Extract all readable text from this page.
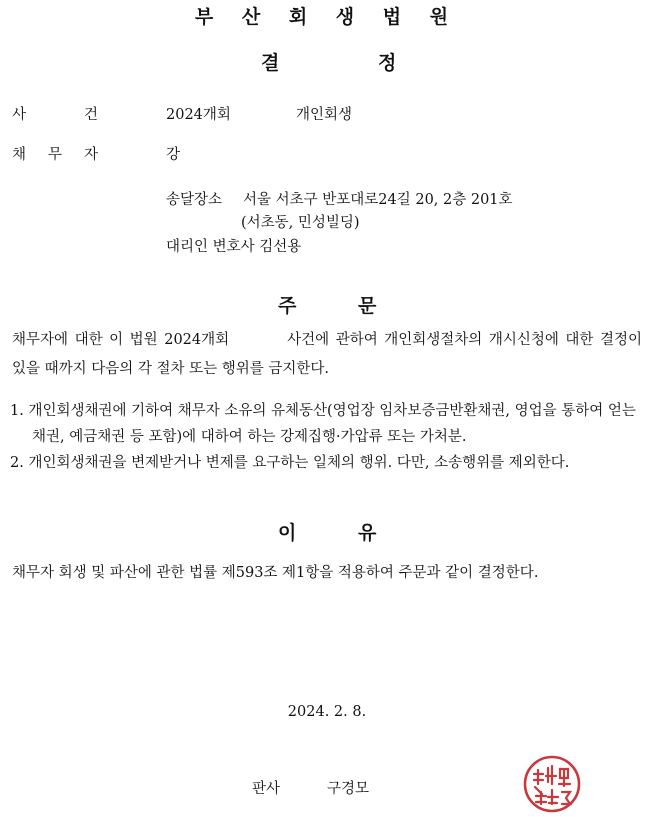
부 산 회 생 법 원
결	정
사	건	2024개회	개인회생
채 무 자	강
송달장소 서울 서초구 반포대로24길 20, 2층 201호
(서초동, 민성빌딩)
대리인 변호사 김선용
주	문
채무자에 대한 이 법원 2024개회	사건에 관하여 개인회생절차의 개시신청에 대한 결정이 있을 때까지 다음의 각 절차 또는 행위를 금지한다.
1. 개인회생채권에 기하여 채무자 소유의 유체동산(영업장 임차보증금반환채권, 영업을 통하여 얻는 채권, 예금채권 등 포함)에 대하여 하는 강제집행·가압류 또는 가처분.
2. 개인회생채권을 변제받거나 변제를 요구하는 일체의 행위. 다만, 소송행위를 제외한다.
이	유
채무자 회생 및 파산에 관한 법률 제593조 제1항을 적용하여 주문과 같이 결정한다.
2024. 2. 8.
판사	구경모
